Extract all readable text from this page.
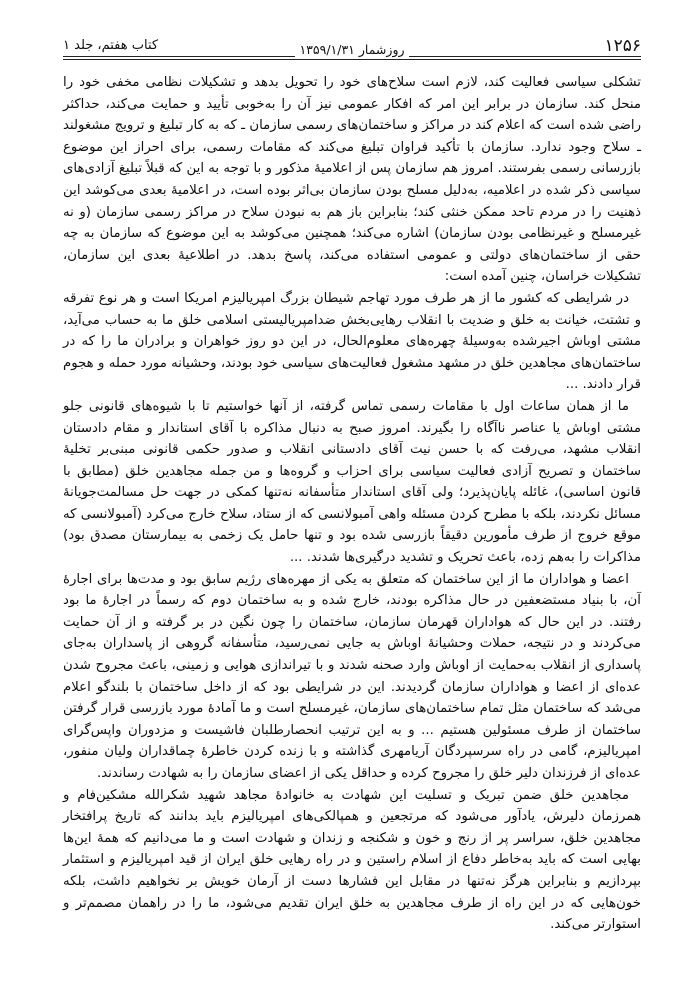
۱۲۵۶
روزشمار ۱۳۵۹/۱/۳۱
کتاب هفتم، جلد ۱

تشکلی سیاسی فعالیت کند، لازم است سلاح‌های خود را تحویل بدهد و تشکیلات نظامی مخفی خود را منحل کند. سازمان در برابر این امر که افکار عمومی نیز آن را به‌خوبی تأیید و حمایت می‌کند، حداکثر راضی شده است که اعلام کند در مراکز و ساختمان‌های رسمی سازمان ـ که به کار تبلیغ و ترویج مشغولند ـ سلاح وجود ندارد. سازمان با تأکید فراوان تبلیغ می‌کند که مقامات رسمی، برای احراز این موضوع بازرسانی رسمی بفرستند. امروز هم سازمان پس از اعلامیهٔ مذکور و با توجه به این که قبلاً تبلیغ آزادی‌های سیاسی ذکر شده در اعلامیه، به‌دلیل مسلح بودن سازمان بی‌اثر بوده است، در اعلامیهٔ بعدی می‌کوشد این ذهنیت را در مردم تاحد ممکن خنثی کند؛ بنابراین باز هم به نبودن سلاح در مراکز رسمی سازمان (و نه غیرمسلح و غیرنظامی بودن سازمان) اشاره می‌کند؛ همچنین می‌کوشد به این موضوع که سازمان به چه حقی از ساختمان‌های دولتی و عمومی استفاده می‌کند، پاسخ بدهد. در اطلاعیهٔ بعدی این سازمان، تشکیلات خراسان، چنین آمده است:

در شرایطی که کشور ما از هر طرف مورد تهاجم شیطان بزرگ امپریالیزم امریکا است و هر نوع تفرقه و تشتت، خیانت به خلق و ضدیت با انقلاب رهایی‌بخش ضدامپریالیستی اسلامی خلق ما به حساب می‌آید، مشتی اوباش اجیرشده به‌وسیلهٔ چهره‌های معلوم‌الحال، در این دو روز خواهران و برادران ما را که در ساختمان‌های مجاهدین خلق در مشهد مشغول فعالیت‌های سیاسی خود بودند، وحشیانه مورد حمله و هجوم قرار دادند. ...

ما از همان ساعات اول با مقامات رسمی تماس گرفته، از آنها خواستیم تا با شیوه‌های قانونی جلو مشتی اوباش یا عناصر ناآگاه را بگیرند. امروز صبح به دنبال مذاکره با آقای استاندار و مقام دادستان انقلاب مشهد، می‌رفت که با حسن نیت آقای دادستانی انقلاب و صدور حکمی قانونی مبنی‌بر تخلیهٔ ساختمان و تصریح آزادی فعالیت سیاسی برای احزاب و گروه‌ها و من جمله مجاهدین خلق (مطابق با قانون اساسی)، غائله پایان‌پذیرد؛ ولی آقای استاندار متأسفانه نه‌تنها کمکی در جهت حل مسالمت‌جویانهٔ مسائل نکردند، بلکه با مطرح کردن مسئله واهی آمبولانسی که از ستاد، سلاح خارج می‌کرد (آمبولانسی که موقع خروج از طرف مأمورین دقیقاً بازرسی شده بود و تنها حامل یک زخمی به بیمارستان مصدق بود) مذاکرات را به‌هم زده، باعث تحریک و تشدید درگیری‌ها شدند. ...

اعضا و هواداران ما از این ساختمان که متعلق به یکی از مهره‌های رژیم سابق بود و مدت‌ها برای اجارهٔ آن، با بنیاد مستضعفین در حال مذاکره بودند، خارج شده و به ساختمان دوم که رسماً در اجارهٔ ما بود رفتند. در این حال که هواداران قهرمان سازمان، ساختمان را چون نگین در بر گرفته و از آن حمایت می‌کردند و در نتیجه، حملات وحشیانهٔ اوباش به جایی نمی‌رسید، متأسفانه گروهی از پاسداران به‌جای پاسداری از انقلاب به‌حمایت از اوباش وارد صحنه شدند و با تیراندازی هوایی و زمینی، باعث مجروح شدن عده‌ای از اعضا و هواداران سازمان گردیدند. این در شرایطی بود که از داخل ساختمان با بلندگو اعلام می‌شد که ساختمان مثل تمام ساختمان‌های سازمان، غیرمسلح است و ما آمادهٔ مورد بازرسی قرار گرفتن ساختمان از طرف مسئولین هستیم ... و به این ترتیب انحصارطلبان فاشیست و مزدوران واپس‌گرای امپریالیزم، گامی در راه سرسپردگان آریامهری گذاشته و با زنده کردن خاطرهٔ چماقداران ولیان منفور، عده‌ای از فرزندان دلیر خلق را مجروح کرده و حداقل یکی از اعضای سازمان را به شهادت رساندند.

مجاهدین خلق ضمن تبریک و تسلیت این شهادت به خانوادهٔ مجاهد شهید شکرالله مشکین‌فام و همرزمان دلیرش، یادآور می‌شود که مرتجعین و همپالکی‌های امپریالیزم باید بدانند که تاریخ پرافتخار مجاهدین خلق، سراسر پر از رنج و خون و شکنجه و زندان و شهادت است و ما می‌دانیم که همهٔ این‌ها بهایی است که باید به‌خاطر دفاع از اسلام راستین و در راه رهایی خلق ایران از قید امپریالیزم و استثمار بپردازیم و بنابراین هرگز نه‌تنها در مقابل این فشارها دست از آرمان خویش بر نخواهیم داشت، بلکه خون‌هایی که در این راه از طرف مجاهدین به خلق ایران تقدیم می‌شود، ما را در راهمان مصمم‌تر و استوارتر می‌کند.
